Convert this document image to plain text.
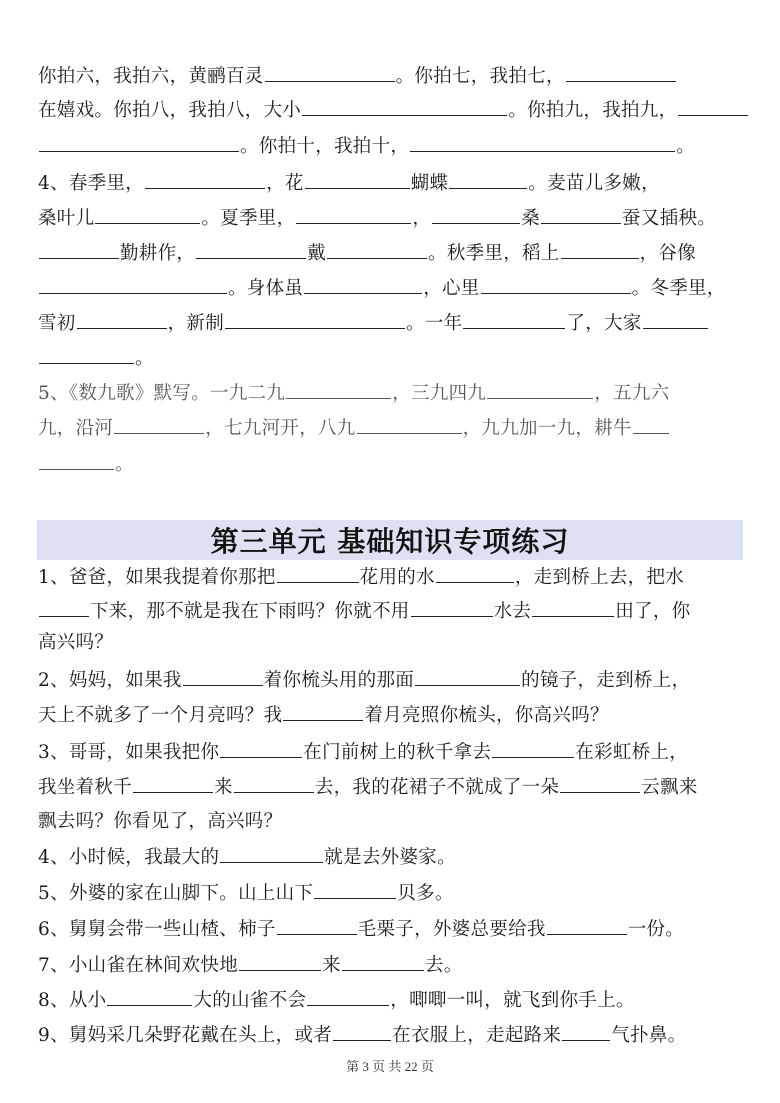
你拍六，我拍六，黄鹂百灵	。你拍七，我拍七，
在嬉戏。你拍八，我拍八，大小	。你拍九，我拍九，
。你拍十，我拍十，	。
4、春季里，	，花	蝴蝶	。麦苗儿多嫩，
桑叶儿	。夏季里，	，	桑	蚕又插秧。
勤耕作，	戴	。秋季里，稻上	，谷像
。身体虽	，心里	。冬季里，
雪初	，新制	。一年	了，大家
。
5、《数九歌》默写。一九二九	，三九四九	，五九六
九，沿河	，七九河开，八九	，九九加一九，耕牛
。
第三单元 基础知识专项练习
1、爸爸，如果我提着你那把	花用的水	，走到桥上去，把水
下来，那不就是我在下雨吗？你就不用	水去	田了，你
高兴吗？
2、妈妈，如果我	着你梳头用的那面	的镜子，走到桥上，
天上不就多了一个月亮吗？我	着月亮照你梳头，你高兴吗？
3、哥哥，如果我把你	在门前树上的秋千拿去	在彩虹桥上，
我坐着秋千	来	去，我的花裙子不就成了一朵	云飘来
飘去吗？你看见了，高兴吗？
4、小时候，我最大的	就是去外婆家。
5、外婆的家在山脚下。山上山下	贝多。
6、舅舅会带一些山楂、柿子	毛栗子，外婆总要给我	一份。
7、小山雀在林间欢快地	来	去。
8、从小	大的山雀不会	，唧唧一叫，就飞到你手上。
9、舅妈采几朵野花戴在头上，或者	在衣服上，走起路来	气扑鼻。
第 3 页 共 22 页
